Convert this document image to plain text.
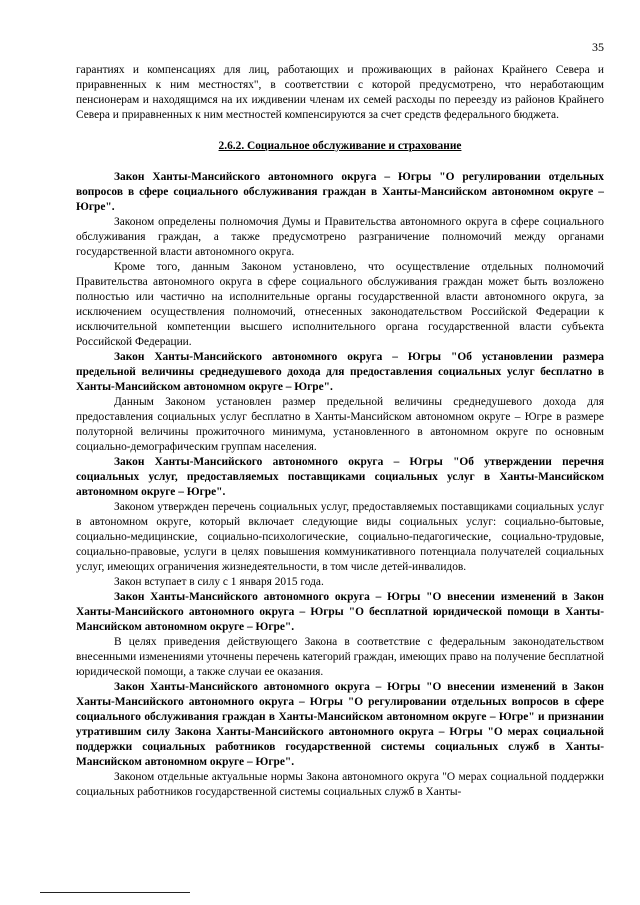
35

гарантиях и компенсациях для лиц, работающих и проживающих в районах Крайнего Севера и приравненных к ним местностях", в соответствии с которой предусмотрено, что неработающим пенсионерам и находящимся на их иждивении членам их семей расходы по переезду из районов Крайнего Севера и приравненных к ним местностей компенсируются за счет средств федерального бюджета.

2.6.2. Социальное обслуживание и страхование

Закон Ханты-Мансийского автономного округа – Югры "О регулировании отдельных вопросов в сфере социального обслуживания граждан в Ханты-Мансийском автономном округе – Югре".

Законом определены полномочия Думы и Правительства автономного округа в сфере социального обслуживания граждан, а также предусмотрено разграничение полномочий между органами государственной власти автономного округа.

Кроме того, данным Законом установлено, что осуществление отдельных полномочий Правительства автономного округа в сфере социального обслуживания граждан может быть возложено полностью или частично на исполнительные органы государственной власти автономного округа, за исключением осуществления полномочий, отнесенных законодательством Российской Федерации к исключительной компетенции высшего исполнительного органа государственной власти субъекта Российской Федерации.

Закон Ханты-Мансийского автономного округа – Югры "Об установлении размера предельной величины среднедушевого дохода для предоставления социальных услуг бесплатно в Ханты-Мансийском автономном округе – Югре".

Данным Законом установлен размер предельной величины среднедушевого дохода для предоставления социальных услуг бесплатно в Ханты-Мансийском автономном округе – Югре в размере полуторной величины прожиточного минимума, установленного в автономном округе по основным социально-демографическим группам населения.

Закон Ханты-Мансийского автономного округа – Югры "Об утверждении перечня социальных услуг, предоставляемых поставщиками социальных услуг в Ханты-Мансийском автономном округе – Югре".

Законом утвержден перечень социальных услуг, предоставляемых поставщиками социальных услуг в автономном округе, который включает следующие виды социальных услуг: социально-бытовые, социально-медицинские, социально-психологические, социально-педагогические, социально-трудовые, социально-правовые, услуги в целях повышения коммуникативного потенциала получателей социальных услуг, имеющих ограничения жизнедеятельности, в том числе детей-инвалидов.

Закон вступает в силу с 1 января 2015 года.

Закон Ханты-Мансийского автономного округа – Югры "О внесении изменений в Закон Ханты-Мансийского автономного округа – Югры "О бесплатной юридической помощи в Ханты-Мансийском автономном округе – Югре".

В целях приведения действующего Закона в соответствие с федеральным законодательством внесенными изменениями уточнены перечень категорий граждан, имеющих право на получение бесплатной юридической помощи, а также случаи ее оказания.

Закон Ханты-Мансийского автономного округа – Югры "О внесении изменений в Закон Ханты-Мансийского автономного округа – Югры "О регулировании отдельных вопросов в сфере социального обслуживания граждан в Ханты-Мансийском автономном округе – Югре" и признании утратившим силу Закона Ханты-Мансийского автономного округа – Югры "О мерах социальной поддержки социальных работников государственной системы социальных служб в Ханты-Мансийском автономном округе – Югре".

Законом отдельные актуальные нормы Закона автономного округа "О мерах социальной поддержки социальных работников государственной системы социальных служб в Ханты-
